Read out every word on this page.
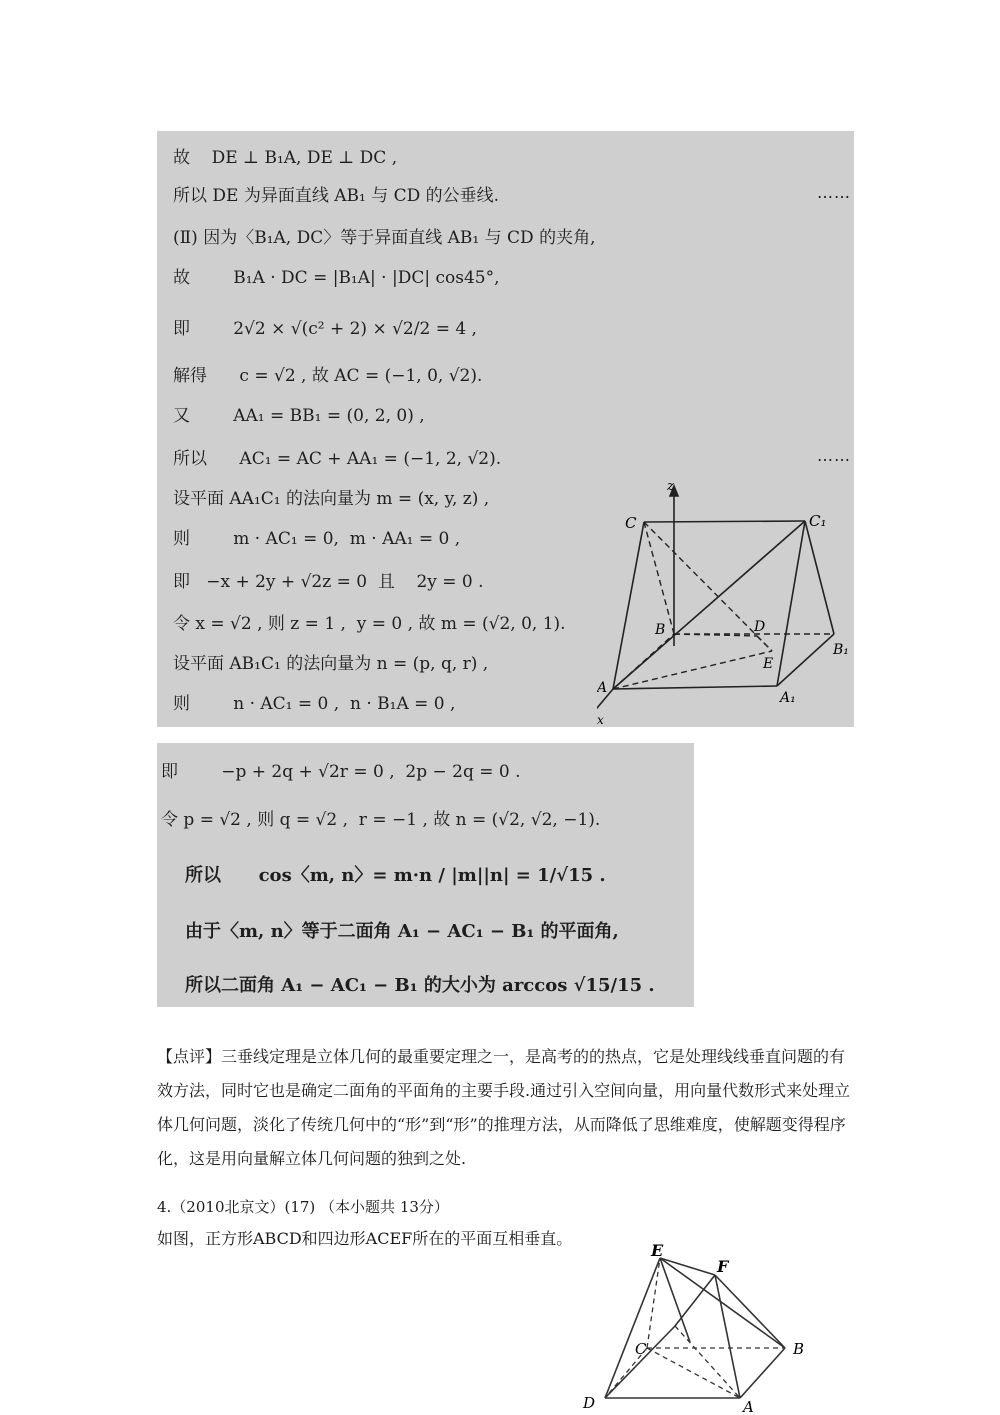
故    DE ⊥ B₁A, DE ⊥ DC ,
所以 DE 为异面直线 AB₁ 与 CD 的公垂线.	……
(Ⅱ) 因为〈B₁A, DC〉等于异面直线 AB₁ 与 CD 的夹角,
故        B₁A · DC = |B₁A| · |DC| cos45°,
即        2√2 × √(c² + 2) × √2/2 = 4 ,
解得      c = √2 , 故 AC = (−1, 0, √2).
又        AA₁ = BB₁ = (0, 2, 0) ,
所以      AC₁ = AC + AA₁ = (−1, 2, √2).	……
设平面 AA₁C₁ 的法向量为 m = (x, y, z) ,
则        m · AC₁ = 0,  m · AA₁ = 0 ,
即   −x + 2y + √2z = 0  且    2y = 0 .
令 x = √2 , 则 z = 1 ,  y = 0 , 故 m = (√2, 0, 1).
设平面 AB₁C₁ 的法向量为 n = (p, q, r) ,
则        n · AC₁ = 0 ,  n · B₁A = 0 ,
z
C	C₁
B	D
B₁
E
A
A₁
x
即        −p + 2q + √2r = 0 ,  2p − 2q = 0 .
令 p = √2 , 则 q = √2 ,  r = −1 , 故 n = (√2, √2, −1).
所以      cos〈m, n〉= m·n / |m||n| = 1/√15 .
由于〈m, n〉等于二面角 A₁ − AC₁ − B₁ 的平面角,
所以二面角 A₁ − AC₁ − B₁ 的大小为 arccos √15/15 .
【点评】三垂线定理是立体几何的最重要定理之一，是高考的的热点，它是处理线线垂直问题的有效方法，同时它也是确定二面角的平面角的主要手段.通过引入空间向量，用向量代数形式来处理立体几何问题，淡化了传统几何中的“形”到“形”的推理方法，从而降低了思维难度，使解题变得程序化，这是用向量解立体几何问题的独到之处.
4.（2010北京文）(17) （本小题共 13分）
如图，正方形ABCD和四边形ACEF所在的平面互相垂直。
E
F
C	B
D	A
